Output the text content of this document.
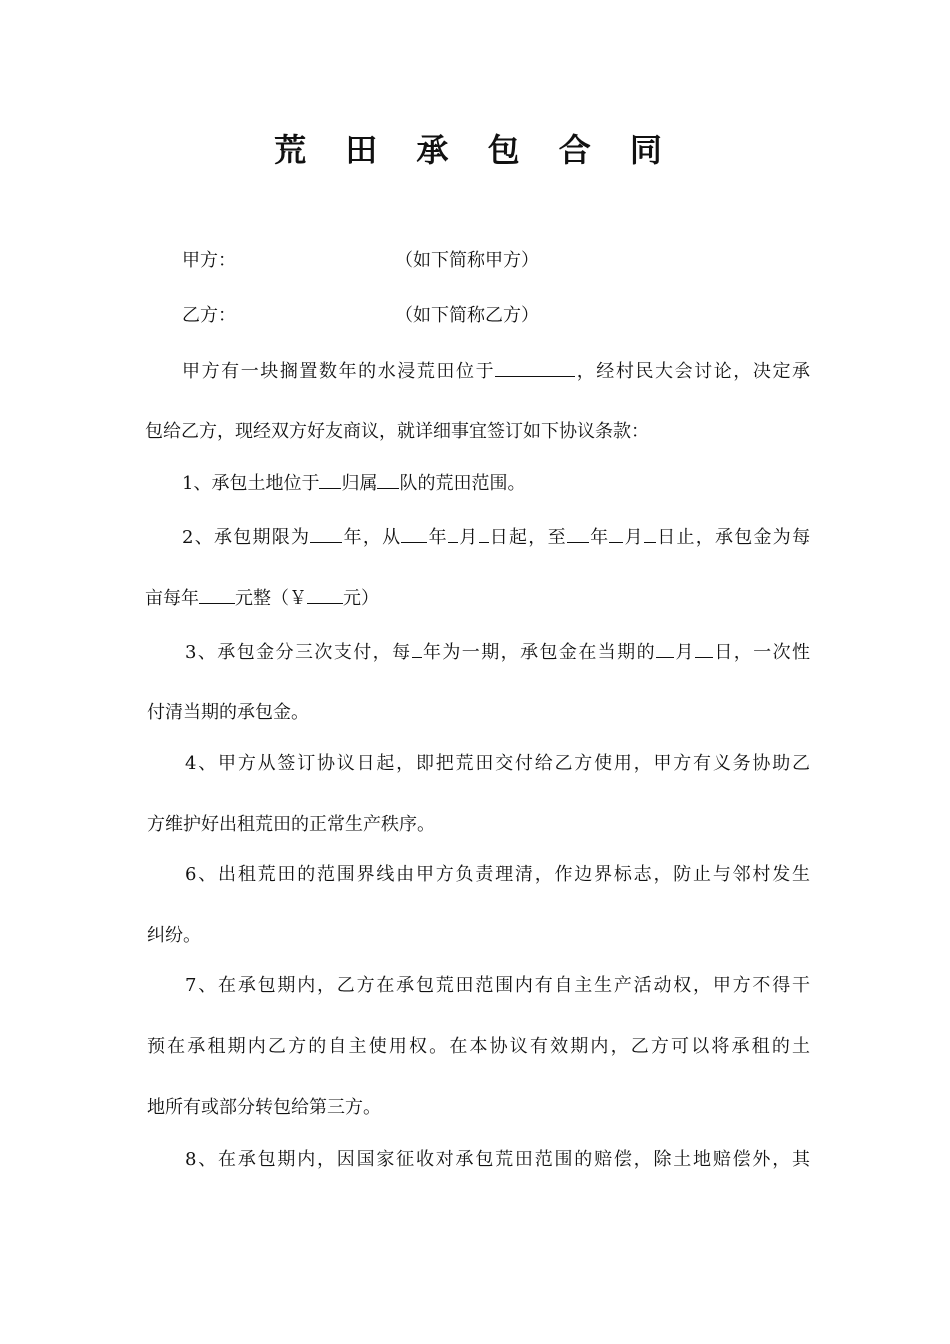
荒 田 承 包 合 同
甲方：	（如下简称甲方）
乙方：	（如下简称乙方）
甲方有一块搁置数年的水浸荒田位于	，经村民大会讨论，决定承
包给乙方，现经双方好友商议，就详细事宜签订如下协议条款：
1、承包土地位于 归属 队的荒田范围。
2、承包期限为 年，从 年 月 日起，至 年 月 日止，承包金为每
亩每年 元整（￥ 元）
3、承包金分三次支付，每 年为一期，承包金在当期的 月 日，一次性
付清当期的承包金。
4、甲方从签订协议日起，即把荒田交付给乙方使用，甲方有义务协助乙
方维护好出租荒田的正常生产秩序。
6、出租荒田的范围界线由甲方负责理清，作边界标志，防止与邻村发生
纠纷。
7、在承包期内，乙方在承包荒田范围内有自主生产活动权，甲方不得干
预在承租期内乙方的自主使用权。在本协议有效期内，乙方可以将承租的土
地所有或部分转包给第三方。
8、在承包期内，因国家征收对承包荒田范围的赔偿，除土地赔偿外，其
